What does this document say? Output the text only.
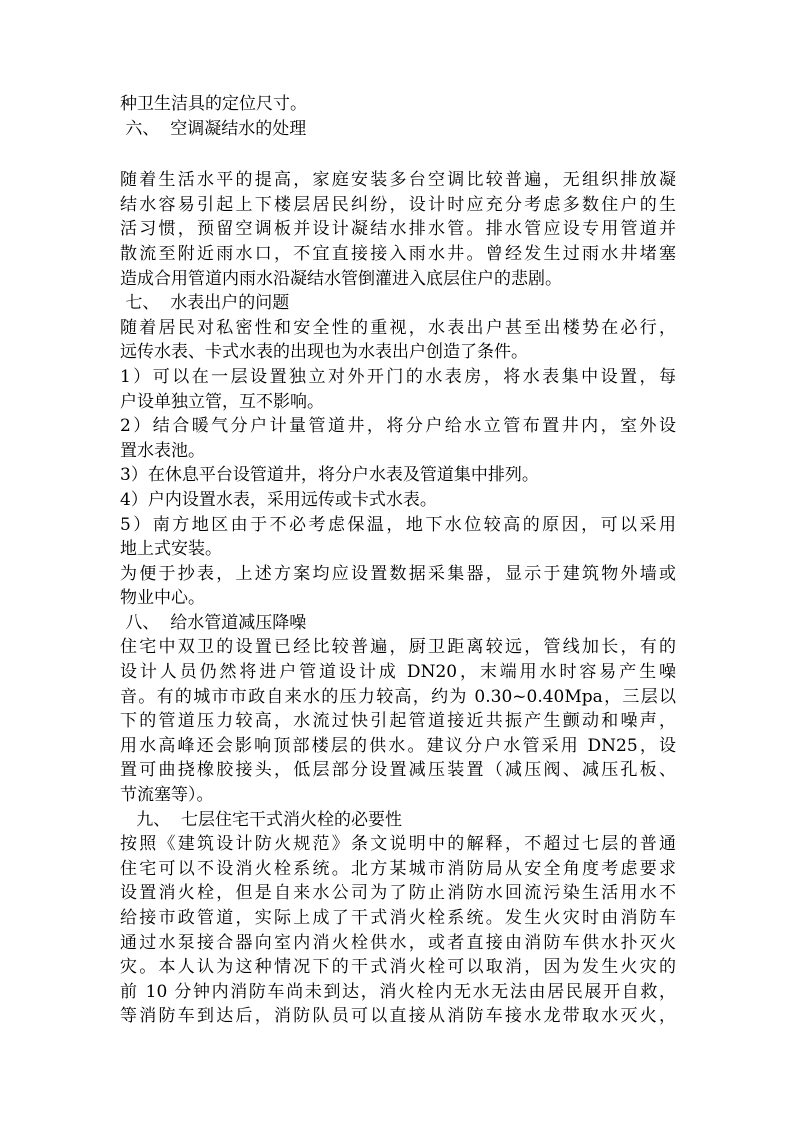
种卫生洁具的定位尺寸。
六、  空调凝结水的处理
随着生活水平的提高，家庭安装多台空调比较普遍，无组织排放凝
结水容易引起上下楼层居民纠纷，设计时应充分考虑多数住户的生
活习惯，预留空调板并设计凝结水排水管。排水管应设专用管道并
散流至附近雨水口，不宜直接接入雨水井。曾经发生过雨水井堵塞
造成合用管道内雨水沿凝结水管倒灌进入底层住户的悲剧。
七、  水表出户的问题
随着居民对私密性和安全性的重视，水表出户甚至出楼势在必行，
远传水表、卡式水表的出现也为水表出户创造了条件。
1）可以在一层设置独立对外开门的水表房，将水表集中设置，每
户设单独立管，互不影响。
2）结合暖气分户计量管道井，将分户给水立管布置井内，室外设
置水表池。
3）在休息平台设管道井，将分户水表及管道集中排列。
4）户内设置水表，采用远传或卡式水表。
5）南方地区由于不必考虑保温，地下水位较高的原因，可以采用
地上式安装。
为便于抄表，上述方案均应设置数据采集器，显示于建筑物外墙或
物业中心。
八、  给水管道减压降噪
住宅中双卫的设置已经比较普遍，厨卫距离较远，管线加长，有的
设计人员仍然将进户管道设计成 DN20，末端用水时容易产生噪
音。有的城市市政自来水的压力较高，约为 0.30~0.40Mpa，三层以
下的管道压力较高，水流过快引起管道接近共振产生颤动和噪声，
用水高峰还会影响顶部楼层的供水。建议分户水管采用 DN25，设
置可曲挠橡胶接头，低层部分设置减压装置（减压阀、减压孔板、
节流塞等）。
九、  七层住宅干式消火栓的必要性
按照《建筑设计防火规范》条文说明中的解释，不超过七层的普通
住宅可以不设消火栓系统。北方某城市消防局从安全角度考虑要求
设置消火栓，但是自来水公司为了防止消防水回流污染生活用水不
给接市政管道，实际上成了干式消火栓系统。发生火灾时由消防车
通过水泵接合器向室内消火栓供水，或者直接由消防车供水扑灭火
灾。本人认为这种情况下的干式消火栓可以取消，因为发生火灾的
前 10 分钟内消防车尚未到达，消火栓内无水无法由居民展开自救，
等消防车到达后，消防队员可以直接从消防车接水龙带取水灭火，
